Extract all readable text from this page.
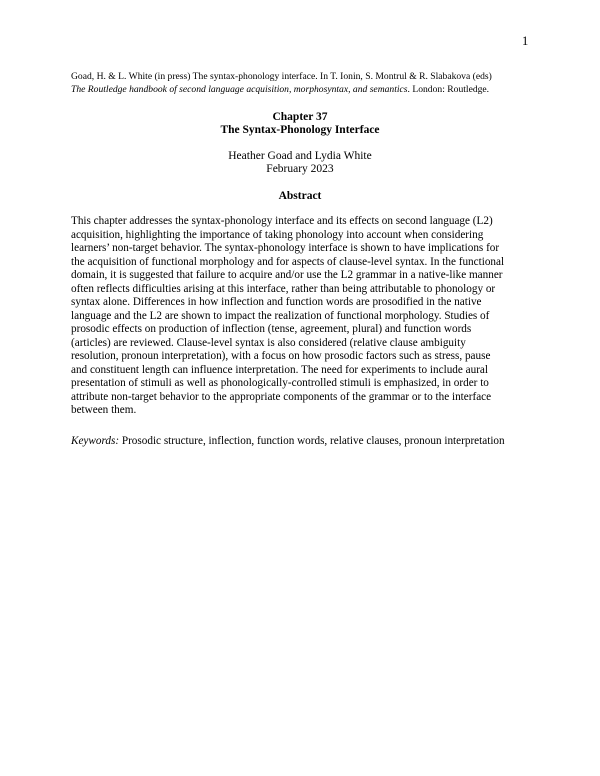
1
Goad, H. & L. White (in press) The syntax-phonology interface. In T. Ionin, S. Montrul & R. Slabakova (eds)
The Routledge handbook of second language acquisition, morphosyntax, and semantics. London: Routledge.
Chapter 37
The Syntax-Phonology Interface
Heather Goad and Lydia White
February 2023
Abstract
This chapter addresses the syntax-phonology interface and its effects on second language (L2)
acquisition, highlighting the importance of taking phonology into account when considering
learners’ non-target behavior. The syntax-phonology interface is shown to have implications for
the acquisition of functional morphology and for aspects of clause-level syntax. In the functional
domain, it is suggested that failure to acquire and/or use the L2 grammar in a native-like manner
often reflects difficulties arising at this interface, rather than being attributable to phonology or
syntax alone. Differences in how inflection and function words are prosodified in the native
language and the L2 are shown to impact the realization of functional morphology. Studies of
prosodic effects on production of inflection (tense, agreement, plural) and function words
(articles) are reviewed. Clause-level syntax is also considered (relative clause ambiguity
resolution, pronoun interpretation), with a focus on how prosodic factors such as stress, pause
and constituent length can influence interpretation. The need for experiments to include aural
presentation of stimuli as well as phonologically-controlled stimuli is emphasized, in order to
attribute non-target behavior to the appropriate components of the grammar or to the interface
between them.
Keywords: Prosodic structure, inflection, function words, relative clauses, pronoun interpretation
